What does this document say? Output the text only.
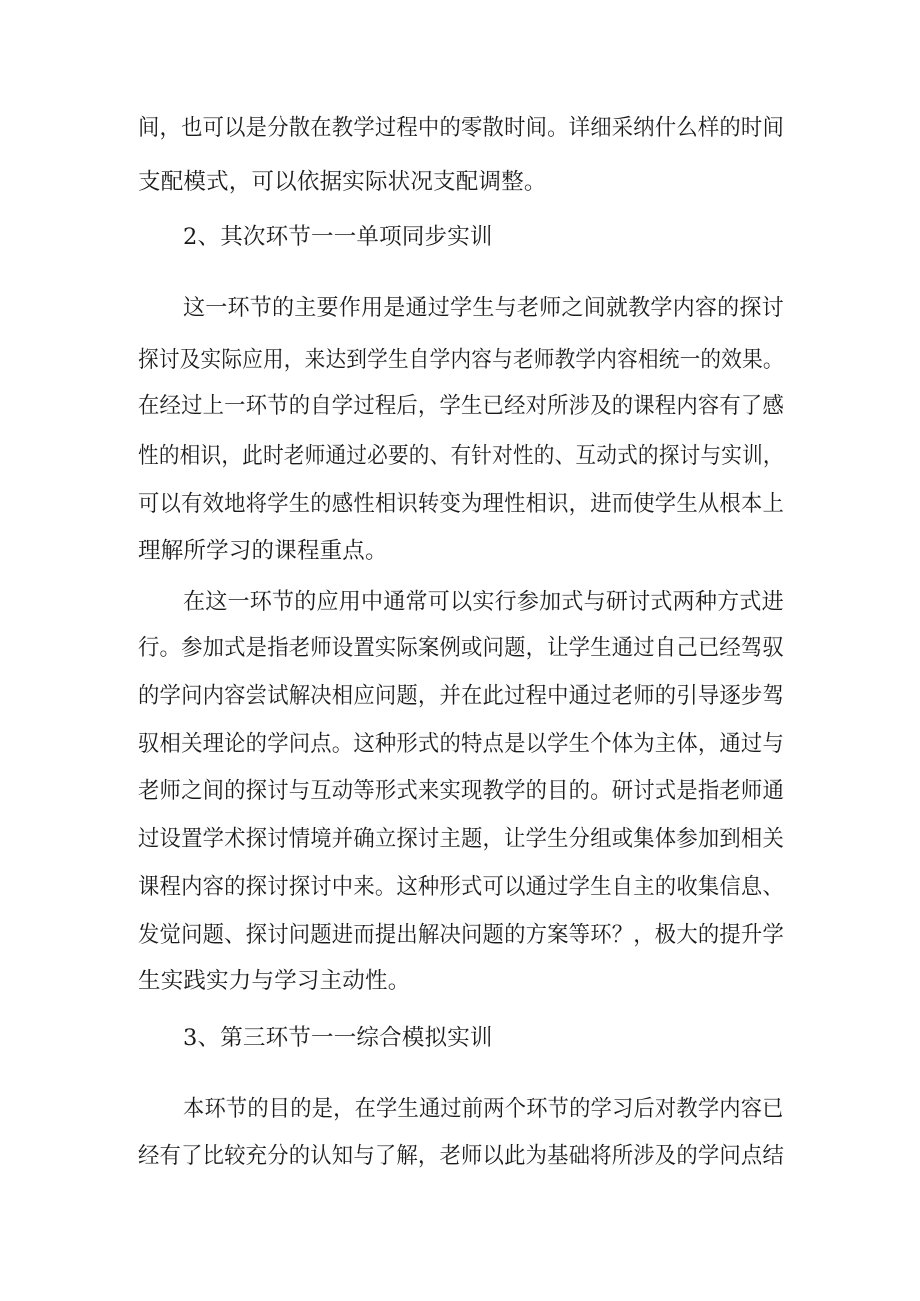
间，也可以是分散在教学过程中的零散时间。详细采纳什么样的时间
支配模式，可以依据实际状况支配调整。
2、其次环节一一单项同步实训
这一环节的主要作用是通过学生与老师之间就教学内容的探讨
探讨及实际应用，来达到学生自学内容与老师教学内容相统一的效果。
在经过上一环节的自学过程后，学生已经对所涉及的课程内容有了感
性的相识，此时老师通过必要的、有针对性的、互动式的探讨与实训，
可以有效地将学生的感性相识转变为理性相识，进而使学生从根本上
理解所学习的课程重点。
在这一环节的应用中通常可以实行参加式与研讨式两种方式进
行。参加式是指老师设置实际案例或问题，让学生通过自己已经驾驭
的学问内容尝试解决相应问题，并在此过程中通过老师的引导逐步驾
驭相关理论的学问点。这种形式的特点是以学生个体为主体，通过与
老师之间的探讨与互动等形式来实现教学的目的。研讨式是指老师通
过设置学术探讨情境并确立探讨主题，让学生分组或集体参加到相关
课程内容的探讨探讨中来。这种形式可以通过学生自主的收集信息、
发觉问题、探讨问题进而提出解决问题的方案等环？，极大的提升学
生实践实力与学习主动性。
3、第三环节一一综合模拟实训
本环节的目的是，在学生通过前两个环节的学习后对教学内容已
经有了比较充分的认知与了解，老师以此为基础将所涉及的学问点结
